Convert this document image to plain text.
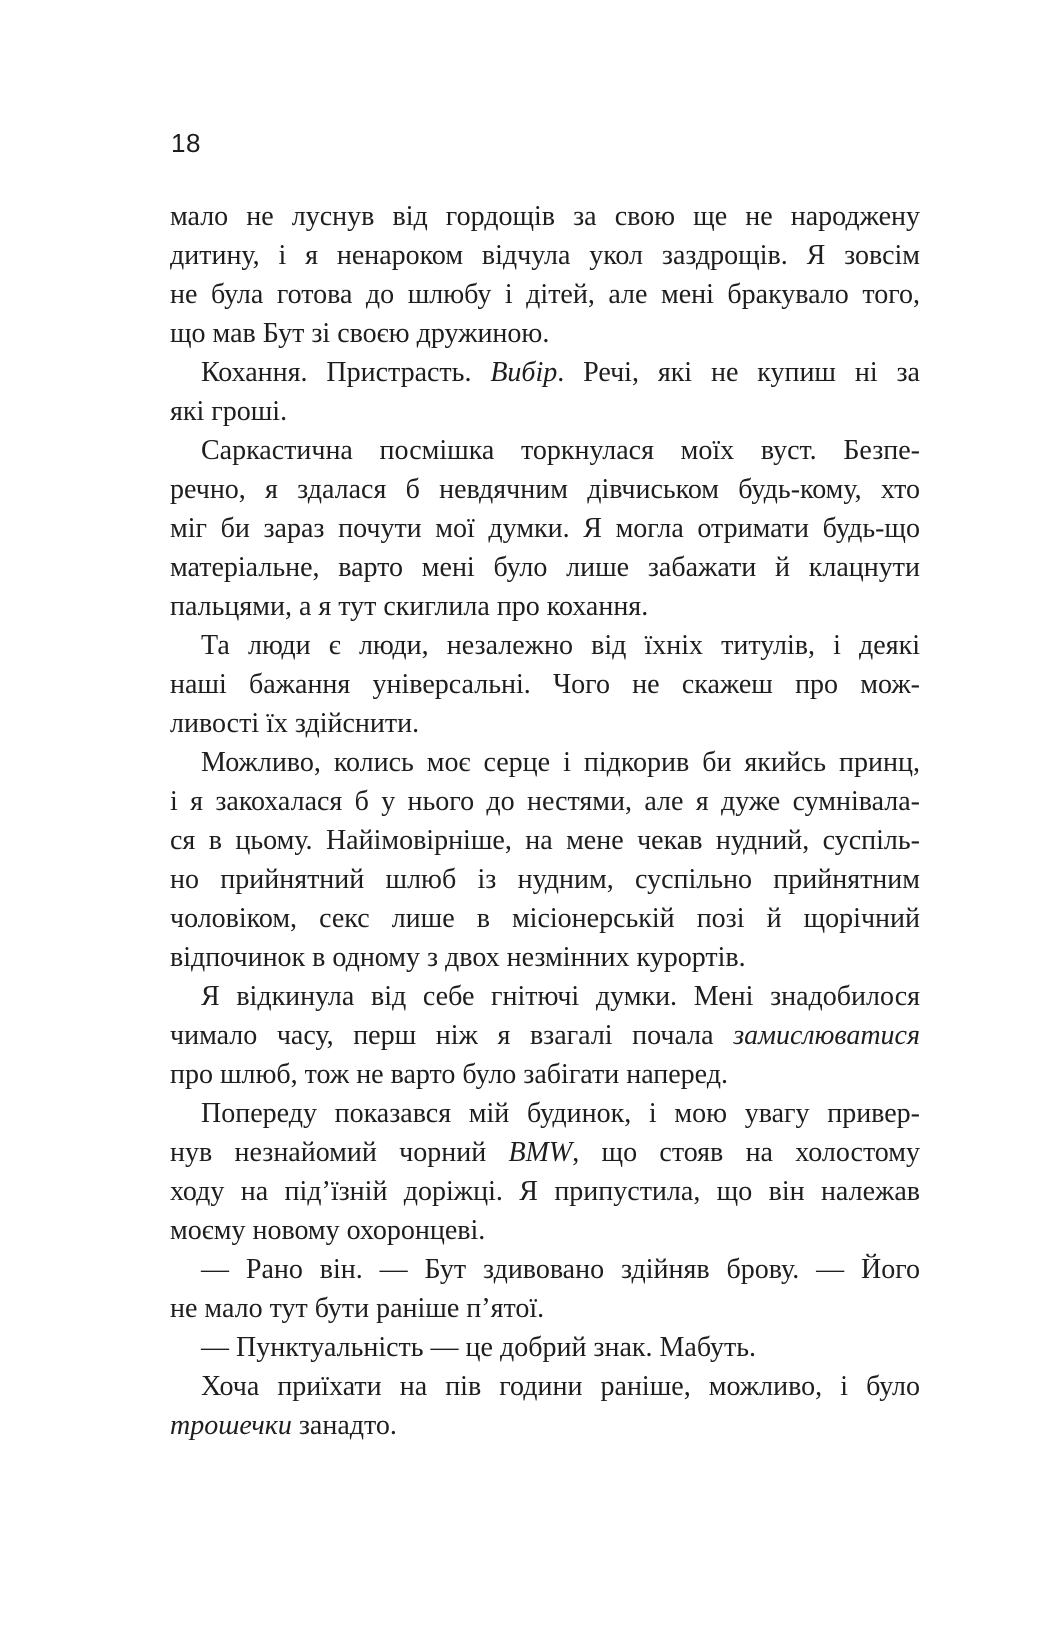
18
мало не луснув від гордощів за свою ще не народжену
дитину, і я ненароком відчула укол заздрощів. Я зовсім
не була готова до шлюбу і дітей, але мені бракувало того,
що мав Бут зі своєю дружиною.
Кохання. Пристрасть. Вибір. Речі, які не купиш ні за
які гроші.
Саркастична посмішка торкнулася моїх вуст. Безпе-
речно, я здалася б невдячним дівчиськом будь-кому, хто
міг би зараз почути мої думки. Я могла отримати будь-що
матеріальне, варто мені було лише забажати й клацнути
пальцями, а я тут скиглила про кохання.
Та люди є люди, незалежно від їхніх титулів, і деякі
наші бажання універсальні. Чого не скажеш про мож-
ливості їх здійснити.
Можливо, колись моє серце і підкорив би якийсь принц,
і я закохалася б у нього до нестями, але я дуже сумнівала-
ся в цьому. Найімовірніше, на мене чекав нудний, суспіль-
но прийнятний шлюб із нудним, суспільно прийнятним
чоловіком, секс лише в місіонерській позі й щорічний
відпочинок в одному з двох незмінних курортів.
Я відкинула від себе гнітючі думки. Мені знадобилося
чимало часу, перш ніж я взагалі почала замислюватися
про шлюб, тож не варто було забігати наперед.
Попереду показався мій будинок, і мою увагу привер-
нув незнайомий чорний BMW, що стояв на холостому
ходу на під’їзній доріжці. Я припустила, що він належав
моєму новому охоронцеві.
— Рано він. — Бут здивовано здійняв брову. — Його
не мало тут бути раніше п’ятої.
— Пунктуальність — це добрий знак. Мабуть.
Хоча приїхати на пів години раніше, можливо, і було
трошечки занадто.
